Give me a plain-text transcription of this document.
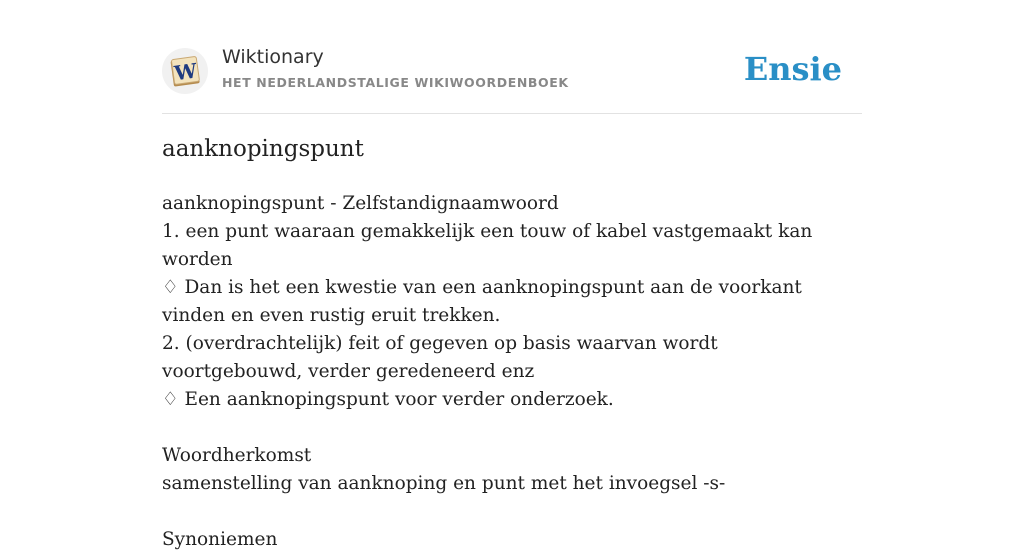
W
Wiktionary
HET NEDERLANDSTALIGE WIKIWOORDENBOEK	Ensie
aanknopingspunt
aanknopingspunt - Zelfstandignaamwoord
1. een punt waaraan gemakkelijk een touw of kabel vastgemaakt kan worden
♢ Dan is het een kwestie van een aanknopingspunt aan de voorkant vinden en even rustig eruit trekken.
2. (overdrachtelijk) feit of gegeven op basis waarvan wordt voortgebouwd, verder geredeneerd enz
♢ Een aanknopingspunt voor verder onderzoek.
Woordherkomst
samenstelling van aanknoping en punt met het invoegsel -s-
Synoniemen
